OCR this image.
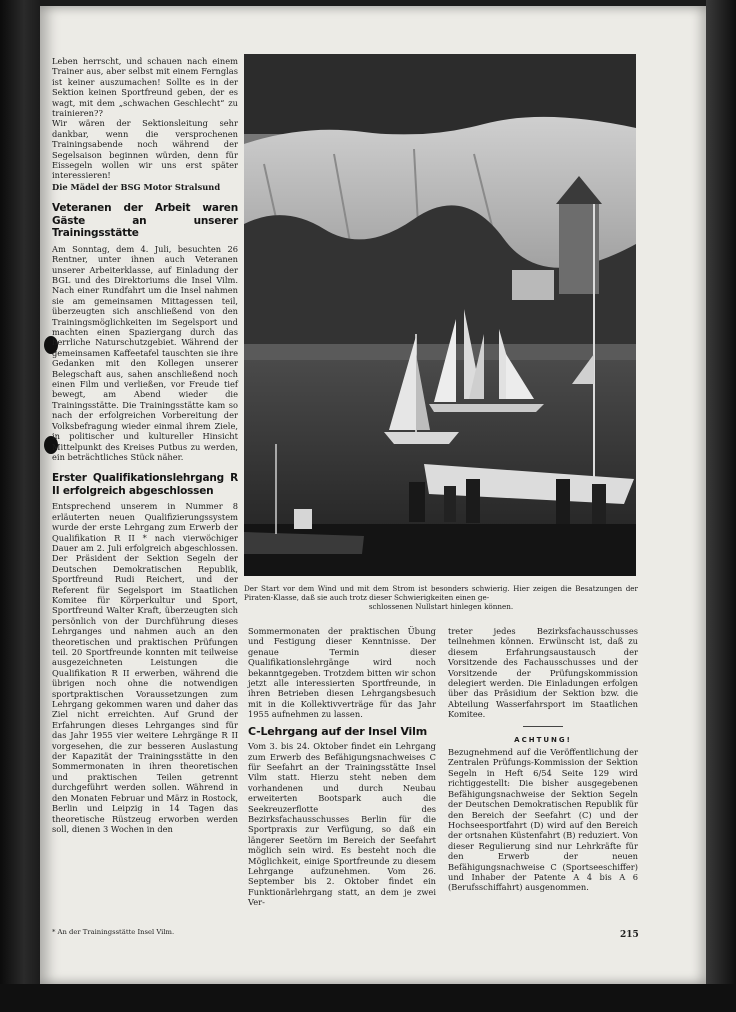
Leben herrscht, und schauen nach einem Trainer aus, aber selbst mit einem Fernglas ist keiner auszumachen! Sollte es in der Sektion keinen Sportfreund geben, der es wagt, mit dem „schwachen Geschlecht“ zu trainieren??

Wir wären der Sektionsleitung sehr dankbar, wenn die versprochenen Trainingsabende noch während der Segelsaison beginnen würden, denn für Eissegeln wollen wir uns erst später interessieren!

Die Mädel der BSG Motor Stralsund

Veteranen der Arbeit waren Gäste an unserer Trainingsstätte

Am Sonntag, dem 4. Juli, besuchten 26 Rentner, unter ihnen auch Veteranen unserer Arbeiterklasse, auf Einladung der BGL und des Direktoriums die Insel Vilm. Nach einer Rundfahrt um die Insel nahmen sie am gemeinsamen Mittagessen teil, überzeugten sich anschließend von den Trainingsmöglichkeiten im Segelsport und machten einen Spaziergang durch das herrliche Naturschutzgebiet. Während der gemeinsamen Kaffeetafel tauschten sie ihre Gedanken mit den Kollegen unserer Belegschaft aus, sahen anschließend noch einen Film und verließen, vor Freude tief bewegt, am Abend wieder die Trainingsstätte. Die Trainingsstätte kam so nach der erfolgreichen Vorbereitung der Volksbefragung wieder einmal ihrem Ziele, in politischer und kultureller Hinsicht Mittelpunkt des Kreises Putbus zu werden, ein beträchtliches Stück näher.

Erster Qualifikationslehrgang R II erfolgreich abgeschlossen

Entsprechend unserem in Nummer 8 erläuterten neuen Qualifizierungssystem wurde der erste Lehrgang zum Erwerb der Qualifikation R II * nach vierwöchiger Dauer am 2. Juli erfolgreich abgeschlossen. Der Präsident der Sektion Segeln der Deutschen Demokratischen Republik, Sportfreund Rudi Reichert, und der Referent für Segelsport im Staatlichen Komitee für Körperkultur und Sport, Sportfreund Walter Kraft, überzeugten sich persönlich von der Durchführung dieses Lehrganges und nahmen auch an den theoretischen und praktischen Prüfungen teil. 20 Sportfreunde konnten mit teilweise ausgezeichneten Leistungen die Qualifikation R II erwerben, während die übrigen noch ohne die notwendigen sportpraktischen Voraussetzungen zum Lehrgang gekommen waren und daher das Ziel nicht erreichten. Auf Grund der Erfahrungen dieses Lehrganges sind für das Jahr 1955 vier weitere Lehrgänge R II vorgesehen, die zur besseren Auslastung der Kapazität der Trainingsstätte in den Sommermonaten in ihren theoretischen und praktischen Teilen getrennt durchgeführt werden sollen. Während in den Monaten Februar und März in Rostock, Berlin und Leipzig in 14 Tagen das theoretische Rüstzeug erworben werden soll, dienen 3 Wochen in den

* An der Trainingsstätte Insel Vilm.
Der Start vor dem Wind und mit dem Strom ist besonders schwierig. Hier zeigen die Besatzungen der Piraten-Klasse, daß sie auch trotz dieser Schwierigkeiten einen ge-
schlossenen Nullstart hinlegen können.

Sommermonaten der praktischen Übung und Festigung dieser Kenntnisse. Der genaue Termin dieser Qualifikationslehrgänge wird noch bekanntgegeben. Trotzdem bitten wir schon jetzt alle interessierten Sportfreunde, in ihren Betrieben diesen Lehrgangsbesuch mit in die Kollektivverträge für das Jahr 1955 aufnehmen zu lassen.

C-Lehrgang auf der Insel Vilm

Vom 3. bis 24. Oktober findet ein Lehrgang zum Erwerb des Befähigungsnachweises C für Seefahrt an der Trainingsstätte Insel Vilm statt. Hierzu steht neben dem vorhandenen und durch Neubau erweiterten Bootspark auch die Seekreuzerflotte des Bezirksfachausschusses Berlin für die Sportpraxis zur Verfügung, so daß ein längerer Seetörn im Bereich der Seefahrt möglich sein wird. Es besteht noch die Möglichkeit, einige Sportfreunde zu diesem Lehrgange aufzunehmen. Vom 26. September bis 2. Oktober findet ein Funktionärlehrgang statt, an dem je zwei Ver-

treter jedes Bezirksfachausschusses teilnehmen können. Erwünscht ist, daß zu diesem Erfahrungsaustausch der Vorsitzende des Fachausschusses und der Vorsitzende der Prüfungskommission delegiert werden. Die Einladungen erfolgen über das Präsidium der Sektion bzw. die Abteilung Wasserfahrsport im Staatlichen Komitee.

ACHTUNG!

Bezugnehmend auf die Veröffentlichung der Zentralen Prüfungs-Kommission der Sektion Segeln in Heft 6/54 Seite 129 wird richtiggestellt: Die bisher ausgegebenen Befähigungsnachweise der Sektion Segeln der Deutschen Demokratischen Republik für den Bereich der Seefahrt (C) und der Hochseesportfahrt (D) wird auf den Bereich der ortsnahen Küstenfahrt (B) reduziert. Von dieser Regulierung sind nur Lehrkräfte für den Erwerb der neuen Befähigungsnachweise C (Sportseeschiffer) und Inhaber der Patente A 4 bis A 6 (Berufsschiffahrt) ausgenommen.

215
